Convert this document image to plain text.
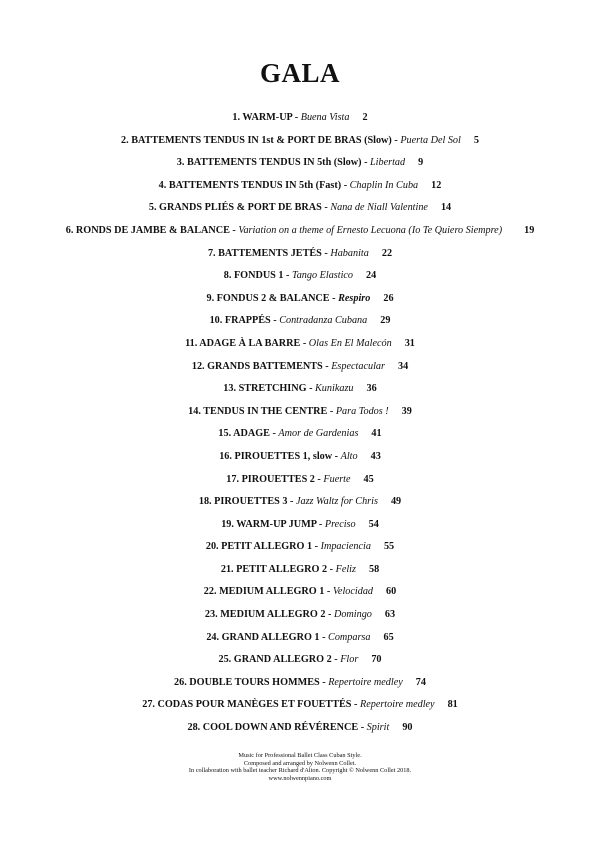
GALA
1. WARM-UP - Buena Vista 2
2. BATTEMENTS TENDUS IN 1st & PORT DE BRAS (Slow) - Puerta Del Sol 5
3. BATTEMENTS TENDUS IN 5th (Slow) - Libertad 9
4. BATTEMENTS TENDUS IN 5th (Fast) - Chaplin In Cuba 12
5. GRANDS PLIÉS & PORT DE BRAS - Nana de Niall Valentine 14
6. RONDS DE JAMBE & BALANCE - Variation on a theme of Ernesto Lecuona (Io Te Quiero Siempre) 19
7. BATTEMENTS JETÉS - Habanita 22
8. FONDUS 1 - Tango Elastico 24
9. FONDUS 2 & BALANCE - Respiro 26
10. FRAPPÉS - Contradanza Cubana 29
11. ADAGE À LA BARRE - Olas En El Malecón 31
12. GRANDS BATTEMENTS - Espectacular 34
13. STRETCHING - Kunikazu 36
14. TENDUS IN THE CENTRE - Para Todos ! 39
15. ADAGE - Amor de Gardenias 41
16. PIROUETTES 1, slow - Alto 43
17. PIROUETTES 2 - Fuerte 45
18. PIROUETTES 3 - Jazz Waltz for Chris 49
19. WARM-UP JUMP - Preciso 54
20. PETIT ALLEGRO 1 - Impaciencia 55
21. PETIT ALLEGRO 2 - Feliz 58
22. MEDIUM ALLEGRO 1 - Velocidad 60
23. MEDIUM ALLEGRO 2 - Domingo 63
24. GRAND ALLEGRO 1 - Comparsa 65
25. GRAND ALLEGRO 2 - Flor 70
26. DOUBLE TOURS HOMMES - Repertoire medley 74
27. CODAS POUR MANÈGES ET FOUETTÉS - Repertoire medley 81
28. COOL DOWN AND RÉVÉRENCE - Spirit 90
Music for Professional Ballet Class Cuban Style.
Composed and arranged by Nolwenn Collet.
In collaboration with ballet teacher Richard d'Alton. Copyright © Nolwenn Collet 2018.
www.nolwennpiano.com
